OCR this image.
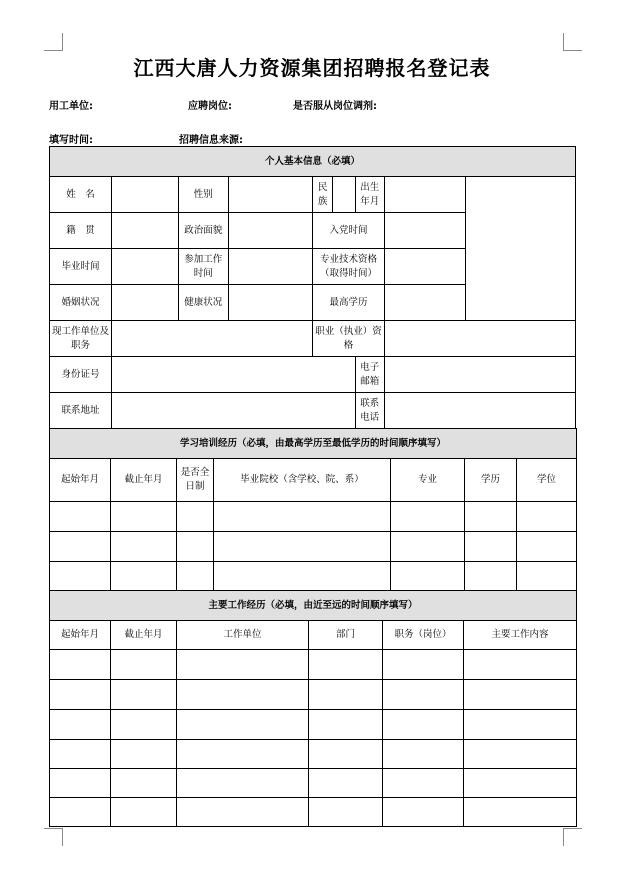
江西大唐人力资源集团招聘报名登记表
用工单位:	应聘岗位:	是否服从岗位调剂:
填写时间:	招聘信息来源:
个人基本信息（必填）								
姓　名		性别		民族		出生年月		
籍　贯		政治面貌		入党时间				
毕业时间		参加工作时间		专业技术资格（取得时间）				
婚姻状况		健康状况		最高学历				
现工作单位及职务				职业（执业）资格				
身份证号						电子邮箱		
联系地址						联系电话		
学习培训经历（必填，由最高学历至最低学历的时间顺序填写）						
起始年月	截止年月	是否全日制	毕业院校（含学校、院、系）	专业	学历	学位

主要工作经历（必填，由近至远的时间顺序填写）					
起始年月	截止年月	工作单位	部门	职务（岗位）	主要工作内容
